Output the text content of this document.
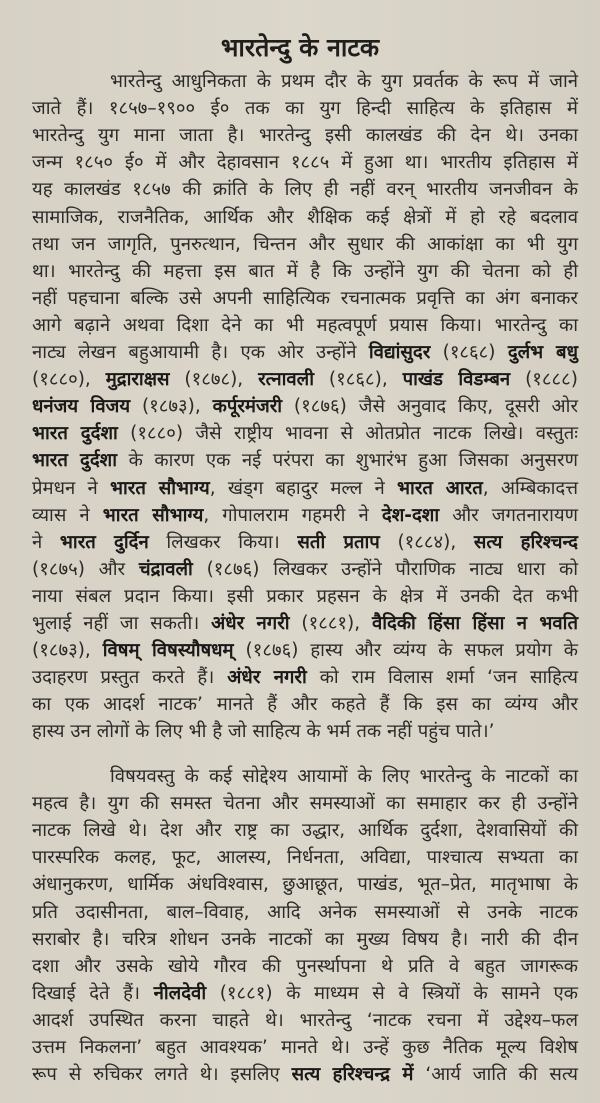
भारतेन्दु के नाटक
भारतेन्दु आधुनिकता के प्रथम दौर के युग प्रवर्तक के रूप में जाने
जाते हैं। १८५७–१९०० ई० तक का युग हिन्दी साहित्य के इतिहास में
भारतेन्दु युग माना जाता है। भारतेन्दु इसी कालखंड की देन थे। उनका
जन्म १८५० ई० में और देहावसान १८८५ में हुआ था। भारतीय इतिहास में
यह कालखंड १८५७ की क्रांति के लिए ही नहीं वरन् भारतीय जनजीवन के
सामाजिक, राजनैतिक, आर्थिक और शैक्षिक कई क्षेत्रों में हो रहे बदलाव
तथा जन जागृति, पुनरुत्थान, चिन्तन और सुधार की आकांक्षा का भी युग
था। भारतेन्दु की महत्ता इस बात में है कि उन्होंने युग की चेतना को ही
नहीं पहचाना बल्कि उसे अपनी साहित्यिक रचनात्मक प्रवृत्ति का अंग बनाकर
आगे बढ़ाने अथवा दिशा देने का भी महत्वपूर्ण प्रयास किया। भारतेन्दु का
नाट्य लेखन बहुआयामी है। एक ओर उन्होंने विद्यांसुदर (१८६८) दुर्लभ बधु
(१८८०), मुद्राराक्षस (१८७८), रत्नावली (१८६८), पाखंड विडम्बन (१८८८)
धनंजय विजय (१८७३), कर्पूरमंजरी (१८७६) जैसे अनुवाद किए, दूसरी ओर
भारत दुर्दशा (१८८०) जैसे राष्ट्रीय भावना से ओतप्रोत नाटक लिखे। वस्तुतः
भारत दुर्दशा के कारण एक नई परंपरा का शुभारंभ हुआ जिसका अनुसरण
प्रेमधन ने भारत सौभाग्य, खंड्ग बहादुर मल्ल ने भारत आरत, अम्बिकादत्त
व्यास ने भारत सौभाग्य, गोपालराम गहमरी ने देश-दशा और जगतनारायण
ने भारत दुर्दिन लिखकर किया। सती प्रताप (१८८४), सत्य हरिश्चन्द
(१८७५) और चंद्रावली (१८७६) लिखकर उन्होंने पौराणिक नाट्य धारा को
नाया संबल प्रदान किया। इसी प्रकार प्रहसन के क्षेत्र में उनकी देत कभी
भुलाई नहीं जा सकती। अंधेर नगरी (१८८१), वैदिकी हिंसा हिंसा न भवति
(१८७३), विषम् विषस्यौषधम् (१८७६) हास्य और व्यंग्य के सफल प्रयोग के
उदाहरण प्रस्तुत करते हैं। अंधेर नगरी को राम विलास शर्मा ‘जन साहित्य
का एक आदर्श नाटक’ मानते हैं और कहते हैं कि इस का व्यंग्य और
हास्य उन लोगों के लिए भी है जो साहित्य के भर्म तक नहीं पहुंच पाते।’
विषयवस्तु के कई सोद्देश्य आयामों के लिए भारतेन्दु के नाटकों का
महत्व है। युग की समस्त चेतना और समस्याओं का समाहार कर ही उन्होंने
नाटक लिखे थे। देश और राष्ट्र का उद्धार, आर्थिक दुर्दशा, देशवासियों की
पारस्परिक कलह, फूट, आलस्य, निर्धनता, अविद्या, पाश्चात्य सभ्यता का
अंधानुकरण, धार्मिक अंधविश्वास, छुआछूत, पाखंड, भूत–प्रेत, मातृभाषा के
प्रति उदासीनता, बाल–विवाह, आदि अनेक समस्याओं से उनके नाटक
सराबोर है। चरित्र शोधन उनके नाटकों का मुख्य विषय है। नारी की दीन
दशा और उसके खोये गौरव की पुनर्स्थापना थे प्रति वे बहुत जागरूक
दिखाई देते हैं। नीलदेवी (१८८१) के माध्यम से वे स्त्रियों के सामने एक
आदर्श उपस्थित करना चाहते थे। भारतेन्दु ‘नाटक रचना में उद्देश्य–फल
उत्तम निकलना’ बहुत आवश्यक’ मानते थे। उन्हें कुछ नैतिक मूल्य विशेष
रूप से रुचिकर लगते थे। इसलिए सत्य हरिश्चन्द्र में ‘आर्य जाति की सत्य
